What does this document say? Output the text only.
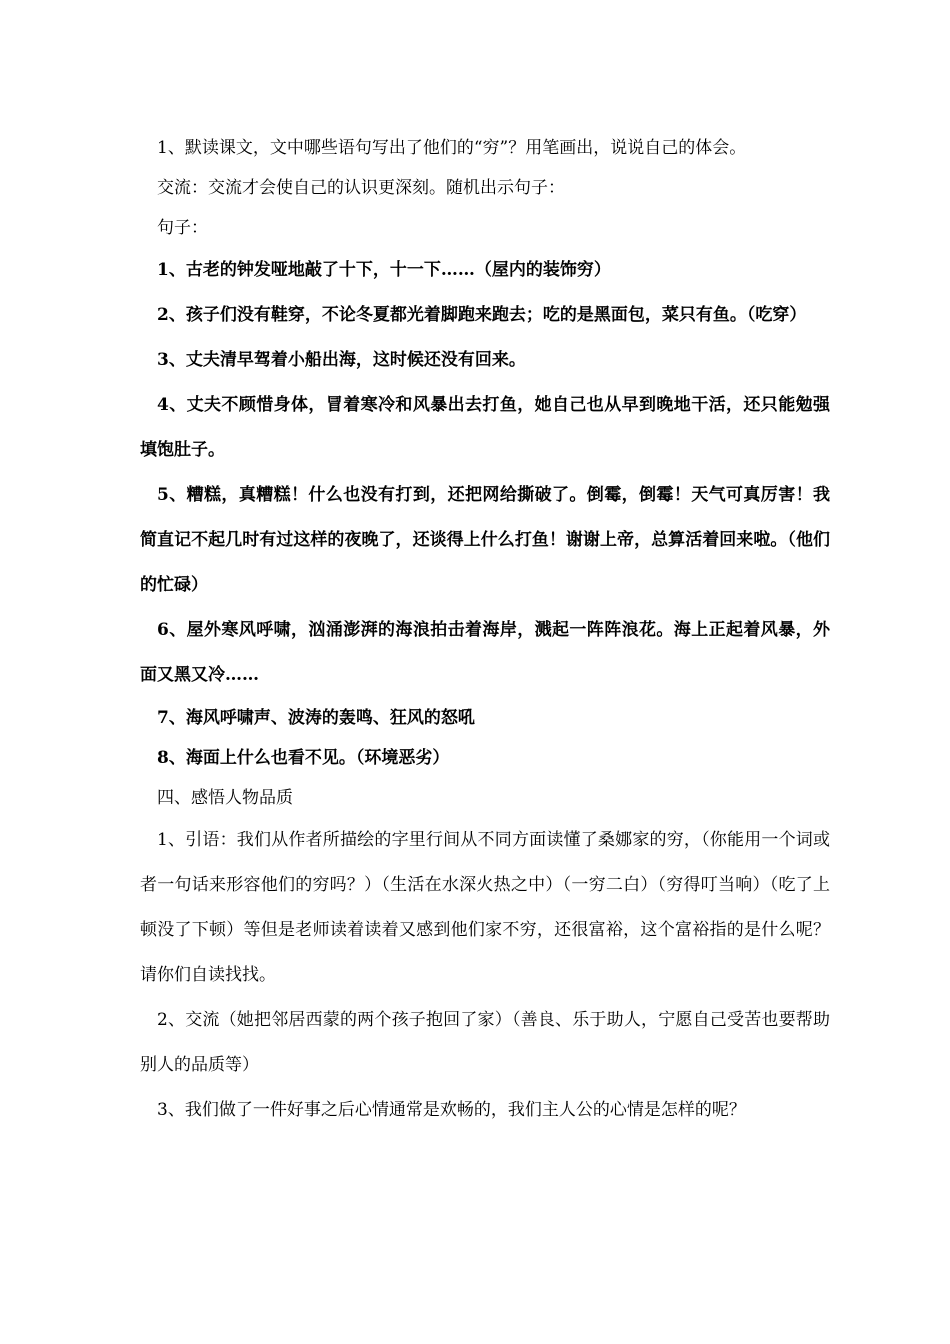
1、默读课文，文中哪些语句写出了他们的“穷”？用笔画出，说说自己的体会。

交流：交流才会使自己的认识更深刻。随机出示句子：

句子：

1、古老的钟发哑地敲了十下，十一下……（屋内的装饰穷）

2、孩子们没有鞋穿，不论冬夏都光着脚跑来跑去；吃的是黑面包，菜只有鱼。（吃穿）

3、丈夫清早驾着小船出海，这时候还没有回来。

4、丈夫不顾惜身体，冒着寒冷和风暴出去打鱼，她自己也从早到晚地干活，还只能勉强填饱肚子。

5、糟糕，真糟糕！什么也没有打到，还把网给撕破了。倒霉，倒霉！天气可真厉害！我简直记不起几时有过这样的夜晚了，还谈得上什么打鱼！谢谢上帝，总算活着回来啦。（他们的忙碌）

6、屋外寒风呼啸，汹涌澎湃的海浪拍击着海岸，溅起一阵阵浪花。海上正起着风暴，外面又黑又冷……

7、海风呼啸声、波涛的轰鸣、狂风的怒吼

8、海面上什么也看不见。（环境恶劣）

四、感悟人物品质

1、引语：我们从作者所描绘的字里行间从不同方面读懂了桑娜家的穷，（你能用一个词或者一句话来形容他们的穷吗？）（生活在水深火热之中）（一穷二白）（穷得叮当响）（吃了上顿没了下顿）等但是老师读着读着又感到他们家不穷，还很富裕，这个富裕指的是什么呢？请你们自读找找。

2、交流（她把邻居西蒙的两个孩子抱回了家）（善良、乐于助人，宁愿自己受苦也要帮助别人的品质等）

3、我们做了一件好事之后心情通常是欢畅的，我们主人公的心情是怎样的呢？
